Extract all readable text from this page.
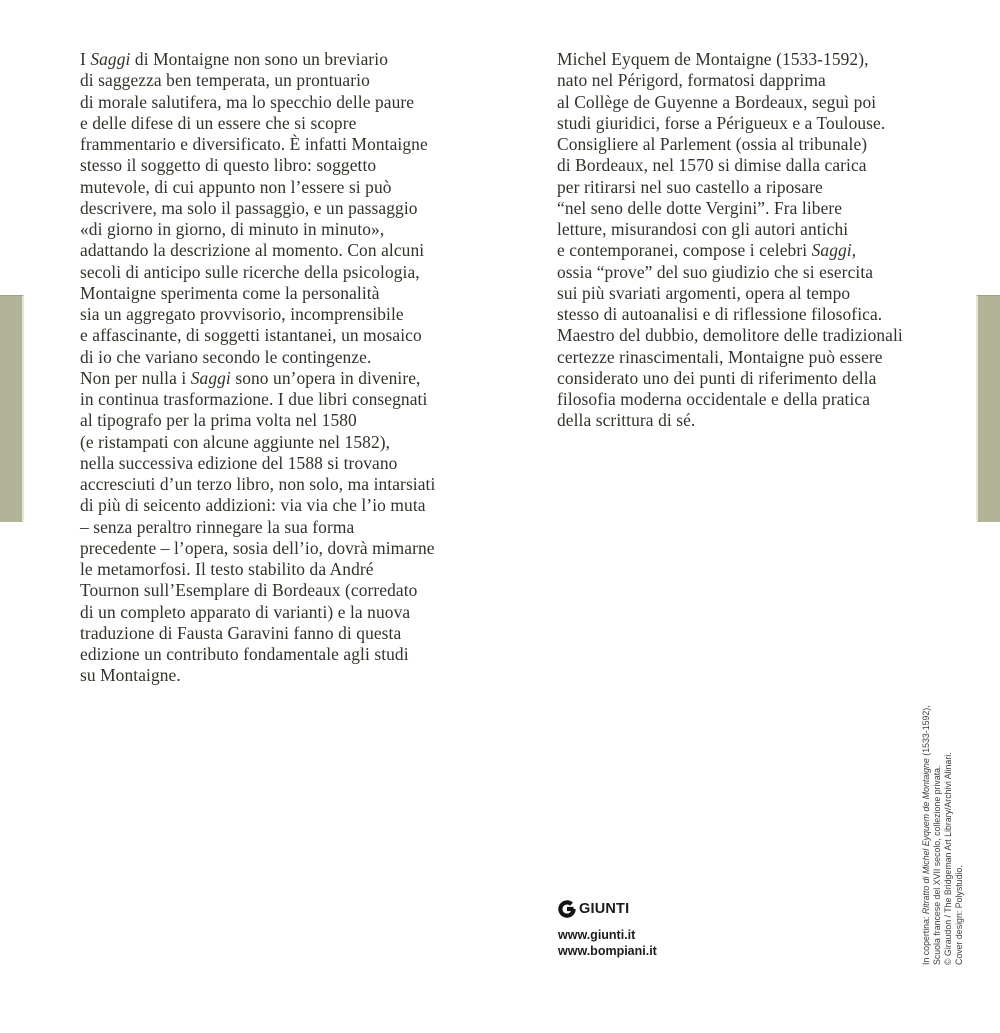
I Saggi di Montaigne non sono un breviario
di saggezza ben temperata, un prontuario
di morale salutifera, ma lo specchio delle paure
e delle difese di un essere che si scopre
frammentario e diversificato. È infatti Montaigne
stesso il soggetto di questo libro: soggetto
mutevole, di cui appunto non l’essere si può
descrivere, ma solo il passaggio, e un passaggio
«di giorno in giorno, di minuto in minuto»,
adattando la descrizione al momento. Con alcuni
secoli di anticipo sulle ricerche della psicologia,
Montaigne sperimenta come la personalità
sia un aggregato provvisorio, incomprensibile
e affascinante, di soggetti istantanei, un mosaico
di io che variano secondo le contingenze.
Non per nulla i Saggi sono un’opera in divenire,
in continua trasformazione. I due libri consegnati
al tipografo per la prima volta nel 1580
(e ristampati con alcune aggiunte nel 1582),
nella successiva edizione del 1588 si trovano
accresciuti d’un terzo libro, non solo, ma intarsiati
di più di seicento addizioni: via via che l’io muta
– senza peraltro rinnegare la sua forma
precedente – l’opera, sosia dell’io, dovrà mimarne
le metamorfosi. Il testo stabilito da André
Tournon sull’Esemplare di Bordeaux (corredato
di un completo apparato di varianti) e la nuova
traduzione di Fausta Garavini fanno di questa
edizione un contributo fondamentale agli studi
su Montaigne.
Michel Eyquem de Montaigne (1533-1592),
nato nel Périgord, formatosi dapprima
al Collège de Guyenne a Bordeaux, seguì poi
studi giuridici, forse a Périgueux e a Toulouse.
Consigliere al Parlement (ossia al tribunale)
di Bordeaux, nel 1570 si dimise dalla carica
per ritirarsi nel suo castello a riposare
“nel seno delle dotte Vergini”. Fra libere
letture, misurandosi con gli autori antichi
e contemporanei, compose i celebri Saggi,
ossia “prove” del suo giudizio che si esercita
sui più svariati argomenti, opera al tempo
stesso di autoanalisi e di riflessione filosofica.
Maestro del dubbio, demolitore delle tradizionali
certezze rinascimentali, Montaigne può essere
considerato uno dei punti di riferimento della
filosofia moderna occidentale e della pratica
della scrittura di sé.
GIUNTI
www.giunti.it
www.bompiani.it	In copertina: Ritratto di Michel Eyquem de Montaigne (1533-1592),
Scuola francese del XVII secolo, collezione privata. © Giraudon / The Bridgeman Art Library/Archivi Alinari. Cover design: Polystudio.
